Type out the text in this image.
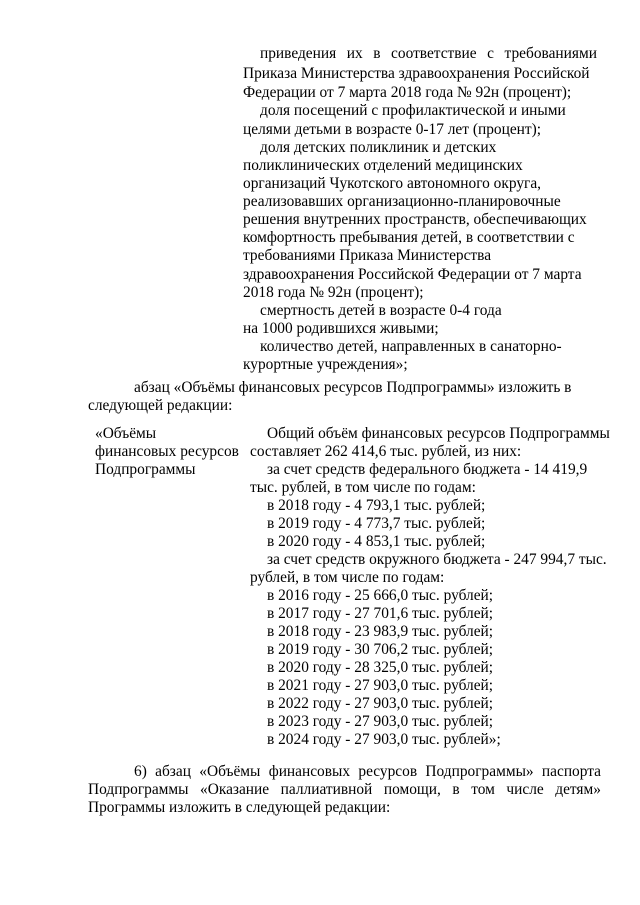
приведения их в соответствие с требованиями
Приказа Министерства здравоохранения Российской
Федерации от 7 марта 2018 года № 92н (процент);
доля посещений с профилактической и иными
целями детьми в возрасте 0-17 лет (процент);
доля детских поликлиник и детских
поликлинических отделений медицинских
организаций Чукотского автономного округа,
реализовавших организационно-планировочные
решения внутренних пространств, обеспечивающих
комфортность пребывания детей, в соответствии с
требованиями Приказа Министерства
здравоохранения Российской Федерации от 7 марта
2018 года № 92н (процент);
смертность детей в возрасте 0-4 года
на 1000 родившихся живыми;
количество детей, направленных в санаторно-
курортные учреждения»;
абзац «Объёмы финансовых ресурсов Подпрограммы» изложить в
следующей редакции:
«Объёмы
финансовых ресурсов
Подпрограммы
Общий объём финансовых ресурсов Подпрограммы
составляет 262 414,6 тыс. рублей, из них:
за счет средств федерального бюджета - 14 419,9
тыс. рублей, в том числе по годам:
в 2018 году - 4 793,1 тыс. рублей;
в 2019 году - 4 773,7 тыс. рублей;
в 2020 году - 4 853,1 тыс. рублей;
за счет средств окружного бюджета - 247 994,7 тыс.
рублей, в том числе по годам:
в 2016 году - 25 666,0 тыс. рублей;
в 2017 году - 27 701,6 тыс. рублей;
в 2018 году - 23 983,9 тыс. рублей;
в 2019 году - 30 706,2 тыс. рублей;
в 2020 году - 28 325,0 тыс. рублей;
в 2021 году - 27 903,0 тыс. рублей;
в 2022 году - 27 903,0 тыс. рублей;
в 2023 году - 27 903,0 тыс. рублей;
в 2024 году - 27 903,0 тыс. рублей»;
6) абзац «Объёмы финансовых ресурсов Подпрограммы» паспорта
Подпрограммы «Оказание паллиативной помощи, в том числе детям»
Программы изложить в следующей редакции:
